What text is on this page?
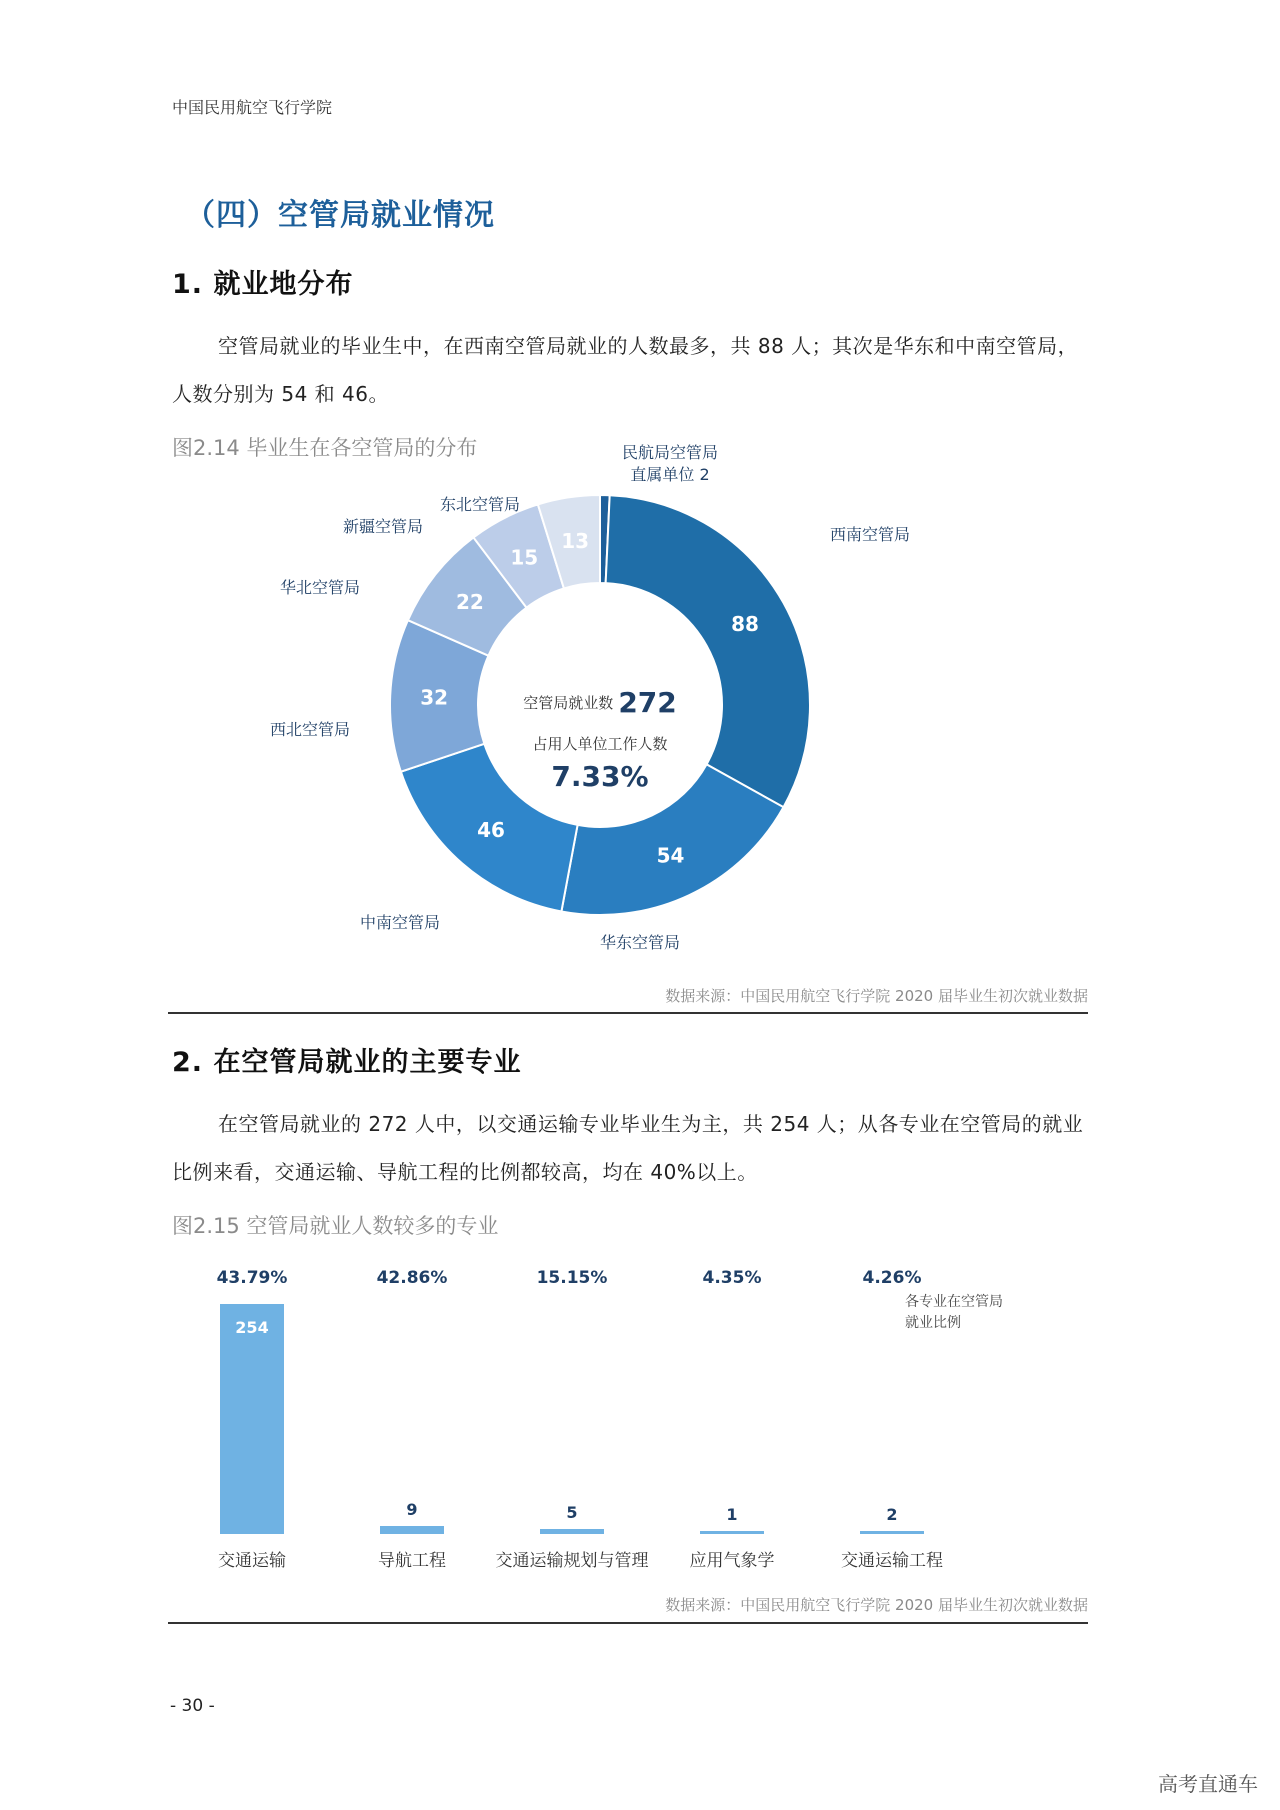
中国民用航空飞行学院
（四）空管局就业情况
1. 就业地分布
空管局就业的毕业生中，在西南空管局就业的人数最多，共 88 人；其次是华东和中南空管局，人数分别为 54 和 46。
图2.14 毕业生在各空管局的分布
88
54
46
32
22
15
13
民航局空管局直属单位 2
西南空管局
华东空管局
中南空管局
西北空管局
华北空管局
新疆空管局
东北空管局
空管局就业数 272
占用人单位工作人数
7.33%
数据来源：中国民用航空飞行学院 2020 届毕业生初次就业数据
2. 在空管局就业的主要专业
在空管局就业的 272 人中，以交通运输专业毕业生为主，共 254 人；从各专业在空管局的就业比例来看，交通运输、导航工程的比例都较高，均在 40%以上。
图2.15 空管局就业人数较多的专业
43.79%
254
交通运输
42.86%
9
导航工程
15.15%
5
交通运输规划与管理
4.35%
1
应用气象学
4.26%
2
交通运输工程
各专业在空管局
就业比例
数据来源：中国民用航空飞行学院 2020 届毕业生初次就业数据
- 30 -
高考直通车
